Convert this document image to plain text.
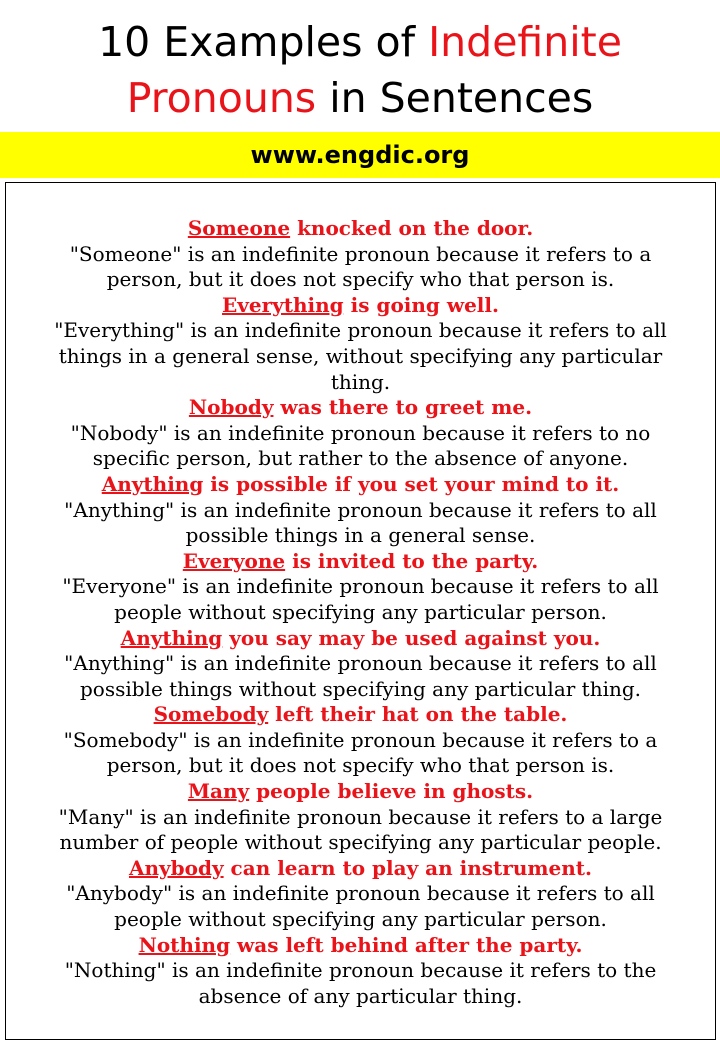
10 Examples of Indefinite
Pronouns in Sentences
www.engdic.org
Someone knocked on the door.
"Someone" is an indefinite pronoun because it refers to a person, but it does not specify who that person is.
Everything is going well.
"Everything" is an indefinite pronoun because it refers to all things in a general sense, without specifying any particular thing.
Nobody was there to greet me.
"Nobody" is an indefinite pronoun because it refers to no specific person, but rather to the absence of anyone.
Anything is possible if you set your mind to it.
"Anything" is an indefinite pronoun because it refers to all possible things in a general sense.
Everyone is invited to the party.
"Everyone" is an indefinite pronoun because it refers to all people without specifying any particular person.
Anything you say may be used against you.
"Anything" is an indefinite pronoun because it refers to all possible things without specifying any particular thing.
Somebody left their hat on the table.
"Somebody" is an indefinite pronoun because it refers to a person, but it does not specify who that person is.
Many people believe in ghosts.
"Many" is an indefinite pronoun because it refers to a large number of people without specifying any particular people.
Anybody can learn to play an instrument.
"Anybody" is an indefinite pronoun because it refers to all people without specifying any particular person.
Nothing was left behind after the party.
"Nothing" is an indefinite pronoun because it refers to the absence of any particular thing.
